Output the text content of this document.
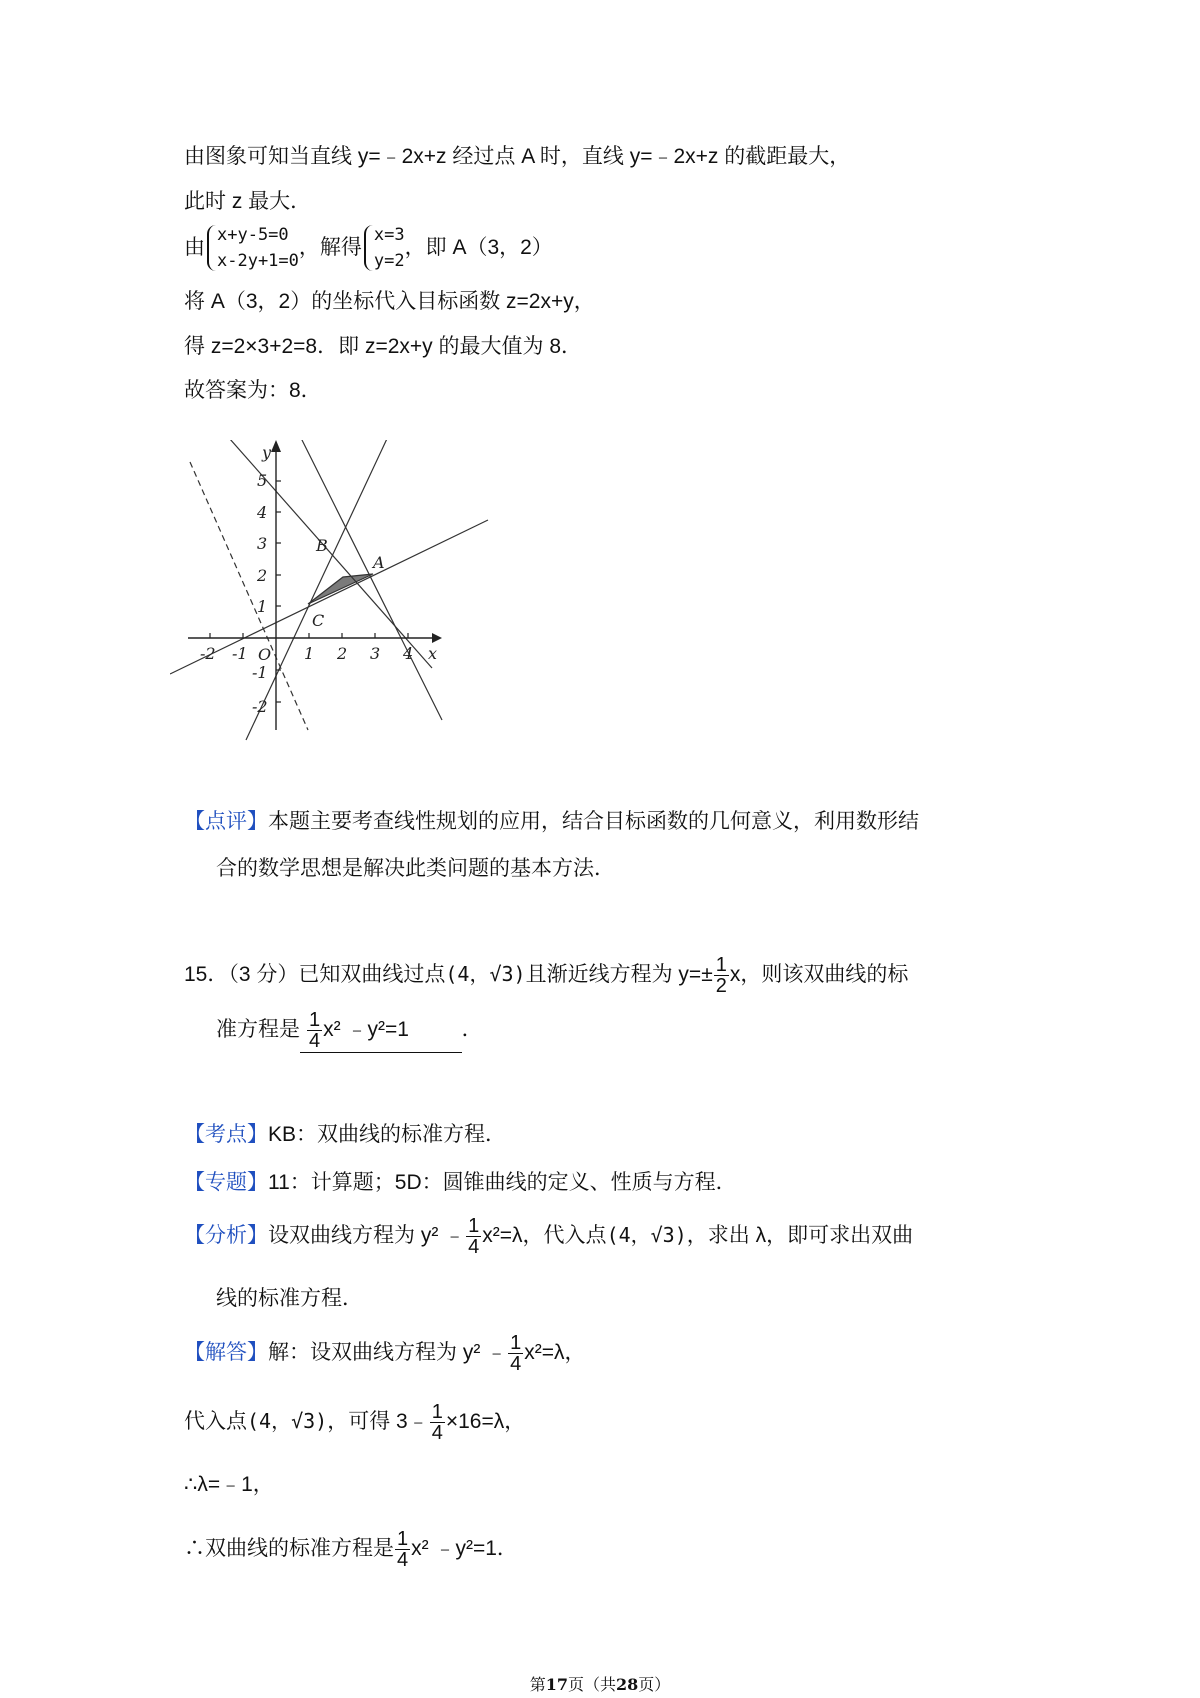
由图象可知当直线 y=﹣2x+z 经过点 A 时，直线 y=﹣2x+z 的截距最大，
此时 z 最大．
由
x+y-5=0
x-2y+1=0
，解得
x=3
y=2
，即 A（3，2）
将 A（3，2）的坐标代入目标函数 z=2x+y，
得 z=2×3+2=8．即 z=2x+y 的最大值为 8．
故答案为：8．
-2 -1	1 2 3 4
5
4
3
2
1
-1
-2
x
y
O
A
B
C
【点评】本题主要考查线性规划的应用，结合目标函数的几何意义，利用数形结
合的数学思想是解决此类问题的基本方法．
15．（3 分）已知双曲线过点(4，√3)且渐近线方程为 $y=\pm \frac{1}{2}$ x，则该双曲线的标
准方程是 $\frac{1}{4} x^2$ ﹣y²=1	．
【考点】KB：双曲线的标准方程．
【专题】11：计算题；5D：圆锥曲线的定义、性质与方程．
【分析】设双曲线方程为 y² ﹣ $\frac{1}{4} x^2=\lambda$，代入点(4，√3)，求出 λ，即可求出双曲
线的标准方程．
【解答】解：设双曲线方程为 y² ﹣ $\frac{1}{4} x^2=\lambda$，
代入点(4，√3)，可得 3﹣ $\frac{1}{4} \times 16=\lambda$，
∴λ=﹣1，
∴双曲线的标准方程是 $\frac{1}{4} x^2$ ﹣y²=1．
第17页（共28页）
